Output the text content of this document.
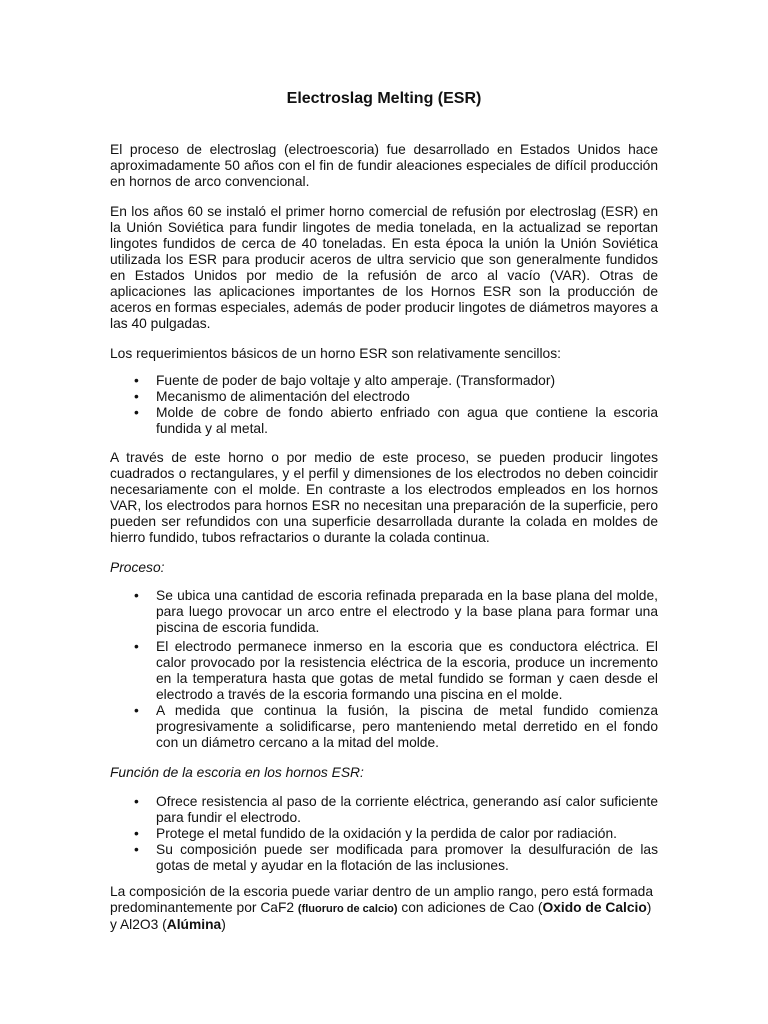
Electroslag Melting (ESR)

El proceso de electroslag (electroescoria) fue desarrollado en Estados Unidos hace aproximadamente 50 años con el fin de fundir aleaciones especiales de difícil producción en hornos de arco convencional.

En los años 60 se instaló el primer horno comercial de refusión por electroslag (ESR) en la Unión Soviética para fundir lingotes de media tonelada, en la actualizad se reportan lingotes fundidos de cerca de 40 toneladas. En esta época la unión la Unión Soviética utilizada los ESR para producir aceros de ultra servicio que son generalmente fundidos en Estados Unidos por medio de la refusión de arco al vacío (VAR). Otras de aplicaciones las aplicaciones importantes de los Hornos ESR son la producción de aceros en formas especiales, además de poder producir lingotes de diámetros mayores a las 40 pulgadas.

Los requerimientos básicos de un horno ESR son relativamente sencillos:

• Fuente de poder de bajo voltaje y alto amperaje. (Transformador)
• Mecanismo de alimentación del electrodo
• Molde de cobre de fondo abierto enfriado con agua que contiene la escoria fundida y al metal.

A través de este horno o por medio de este proceso, se pueden producir lingotes cuadrados o rectangulares, y el perfil y dimensiones de los electrodos no deben coincidir necesariamente con el molde. En contraste a los electrodos empleados en los hornos VAR, los electrodos para hornos ESR no necesitan una preparación de la superficie, pero pueden ser refundidos con una superficie desarrollada durante la colada en moldes de hierro fundido, tubos refractarios o durante la colada continua.

Proceso:

• Se ubica una cantidad de escoria refinada preparada en la base plana del molde, para luego provocar un arco entre el electrodo y la base plana para formar una piscina de escoria fundida.
• El electrodo permanece inmerso en la escoria que es conductora eléctrica. El calor provocado por la resistencia eléctrica de la escoria, produce un incremento en la temperatura hasta que gotas de metal fundido se forman y caen desde el electrodo a través de la escoria formando una piscina en el molde.
• A medida que continua la fusión, la piscina de metal fundido comienza progresivamente a solidificarse, pero manteniendo metal derretido en el fondo con un diámetro cercano a la mitad del molde.

Función de la escoria en los hornos ESR:

• Ofrece resistencia al paso de la corriente eléctrica, generando así calor suficiente para fundir el electrodo.
• Protege el metal fundido de la oxidación y la perdida de calor por radiación.
• Su composición puede ser modificada para promover la desulfuración de las gotas de metal y ayudar en la flotación de las inclusiones.

La composición de la escoria puede variar dentro de un amplio rango, pero está formada predominantemente por CaF2 (fluoruro de calcio) con adiciones de Cao (Oxido de Calcio) y Al2O3 (Alúmina)
